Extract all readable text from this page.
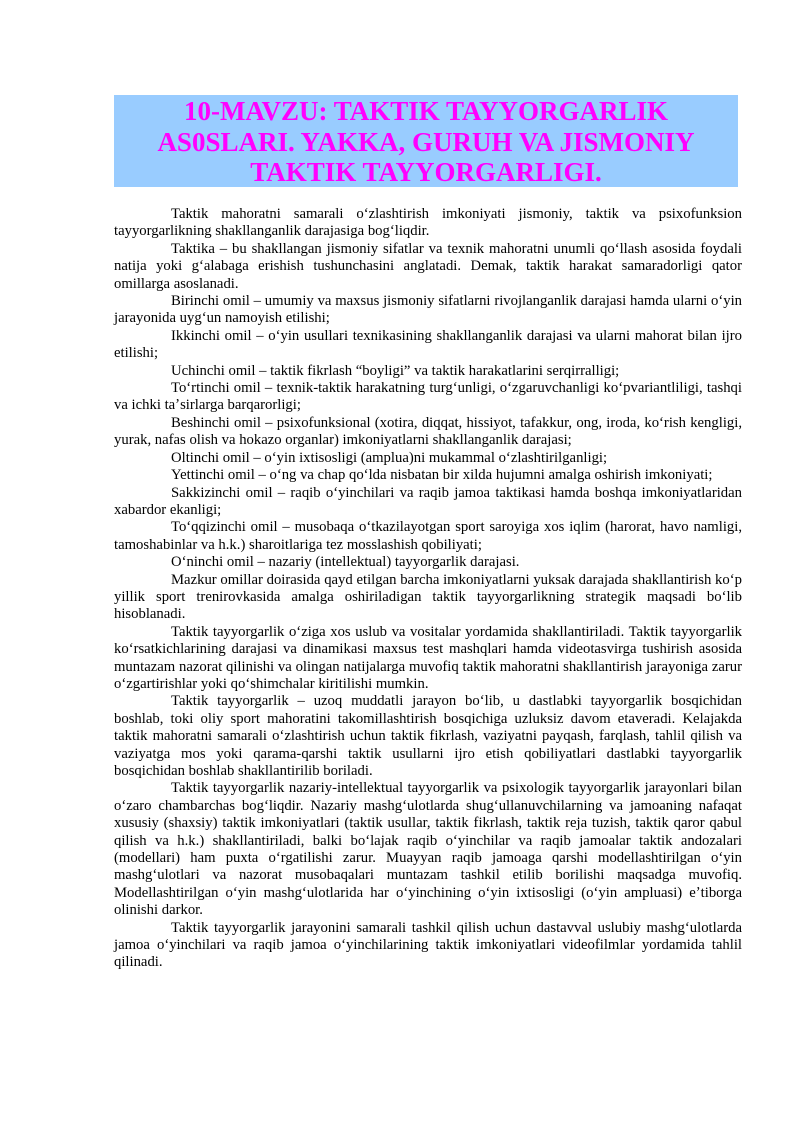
10-MAVZU: TAKTIK TAYYORGARLIK
AS0SLARI. YAKKA, GURUH VA JISMONIY
TAKTIK TAYYORGARLIGI.

Taktik mahoratni samarali oʻzlashtirish imkoniyati jismoniy, taktik va psixofunksion tayyorgarlikning shakllanganlik darajasiga bogʻliqdir.

Taktika – bu shakllangan jismoniy sifatlar va texnik mahoratni unumli qoʻllash asosida foydali natija yoki gʻalabaga erishish tushunchasini anglatadi. Demak, taktik harakat samaradorligi qator omillarga asoslanadi.

Birinchi omil – umumiy va maxsus jismoniy sifatlarni rivojlanganlik darajasi hamda ularni oʻyin jarayonida uygʻun namoyish etilishi;

Ikkinchi omil – oʻyin usullari texnikasining shakllanganlik darajasi va ularni mahorat bilan ijro etilishi;

Uchinchi omil – taktik fikrlash “boyligi” va taktik harakatlarini serqirralligi;

Toʻrtinchi omil – texnik-taktik harakatning turgʻunligi, oʻzgaruvchanligi koʻpvariantliligi, tashqi va ichki taʼsirlarga barqarorligi;

Beshinchi omil – psixofunksional (xotira, diqqat, hissiyot, tafakkur, ong, iroda, koʻrish kengligi, yurak, nafas olish va hokazo organlar) imkoniyatlarni shakllanganlik darajasi;

Oltinchi omil – oʻyin ixtisosligi (amplua)ni mukammal oʻzlashtirilganligi;

Yettinchi omil – oʻng va chap qoʻlda nisbatan bir xilda hujumni amalga oshirish imkoniyati;

Sakkizinchi omil – raqib oʻyinchilari va raqib jamoa taktikasi hamda boshqa imkoniyatlaridan xabardor ekanligi;

Toʻqqizinchi omil – musobaqa oʻtkazilayotgan sport saroyiga xos iqlim (harorat, havo namligi, tamoshabinlar va h.k.) sharoitlariga tez mosslashish qobiliyati;

Oʻninchi omil – nazariy (intellektual) tayyorgarlik darajasi.

Mazkur omillar doirasida qayd etilgan barcha imkoniyatlarni yuksak darajada shakllantirish koʻp yillik sport trenirovkasida amalga oshiriladigan taktik tayyorgarlikning strategik maqsadi boʻlib hisoblanadi.

Taktik tayyorgarlik oʻziga xos uslub va vositalar yordamida shakllantiriladi. Taktik tayyorgarlik koʻrsatkichlarining darajasi va dinamikasi maxsus test mashqlari hamda videotasvirga tushirish asosida muntazam nazorat qilinishi va olingan natijalarga muvofiq taktik mahoratni shakllantirish jarayoniga zarur oʻzgartirishlar yoki qoʻshimchalar kiritilishi mumkin.

Taktik tayyorgarlik – uzoq muddatli jarayon boʻlib, u dastlabki tayyorgarlik bosqichidan boshlab, toki oliy sport mahoratini takomillashtirish bosqichiga uzluksiz davom etaveradi. Kelajakda taktik mahoratni samarali oʻzlashtirish uchun taktik fikrlash, vaziyatni payqash, farqlash, tahlil qilish va vaziyatga mos yoki qarama-qarshi taktik usullarni ijro etish qobiliyatlari dastlabki tayyorgarlik bosqichidan boshlab shakllantirilib boriladi.

Taktik tayyorgarlik nazariy-intellektual tayyorgarlik va psixologik tayyorgarlik jarayonlari bilan oʻzaro chambarchas bogʻliqdir. Nazariy mashgʻulotlarda shugʻullanuvchilarning va jamoaning nafaqat xususiy (shaxsiy) taktik imkoniyatlari (taktik usullar, taktik fikrlash, taktik reja tuzish, taktik qaror qabul qilish va h.k.) shakllantiriladi, balki boʻlajak raqib oʻyinchilar va raqib jamoalar taktik andozalari (modellari) ham puxta oʻrgatilishi zarur. Muayyan raqib jamoaga qarshi modellashtirilgan oʻyin mashgʻulotlari va nazorat musobaqalari muntazam tashkil etilib borilishi maqsadga muvofiq. Modellashtirilgan oʻyin mashgʻulotlarida har oʻyinchining oʻyin ixtisosligi (oʻyin ampluasi) eʼtiborga olinishi darkor.

Taktik tayyorgarlik jarayonini samarali tashkil qilish uchun dastavval uslubiy mashgʻulotlarda jamoa oʻyinchilari va raqib jamoa oʻyinchilarining taktik imkoniyatlari videofilmlar yordamida tahlil qilinadi.
